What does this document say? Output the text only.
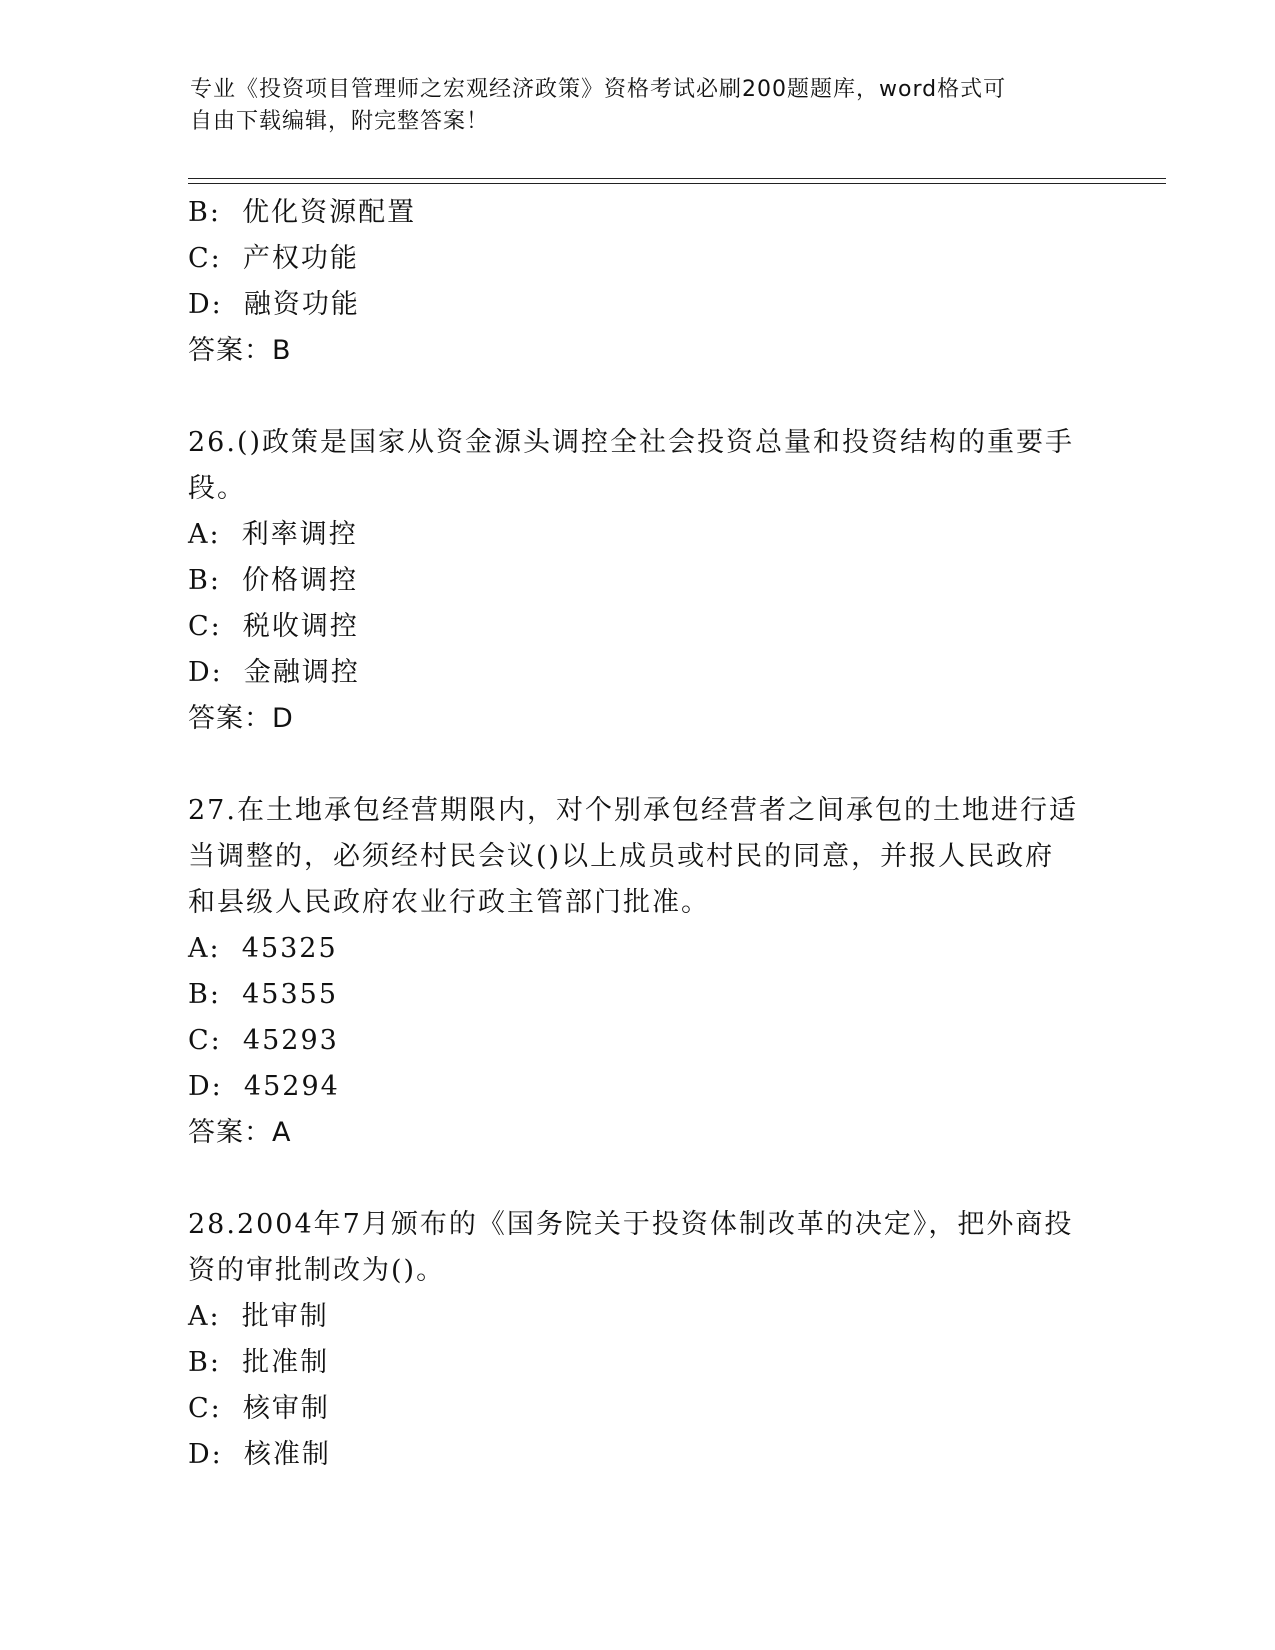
专业《投资项目管理师之宏观经济政策》资格考试必刷200题题库，word格式可
自由下载编辑，附完整答案！
B:  优化资源配置
C:  产权功能
D:  融资功能
答案：B
26.()政策是国家从资金源头调控全社会投资总量和投资结构的重要手
段。
A:  利率调控
B:  价格调控
C:  税收调控
D:  金融调控
答案：D
27.在土地承包经营期限内，对个别承包经营者之间承包的土地进行适
当调整的，必须经村民会议()以上成员或村民的同意，并报人民政府
和县级人民政府农业行政主管部门批准。
A:  45325
B:  45355
C:  45293
D:  45294
答案：A
28.2004年7月颁布的《国务院关于投资体制改革的决定》，把外商投
资的审批制改为()。
A:  批审制
B:  批准制
C:  核审制
D:  核准制
